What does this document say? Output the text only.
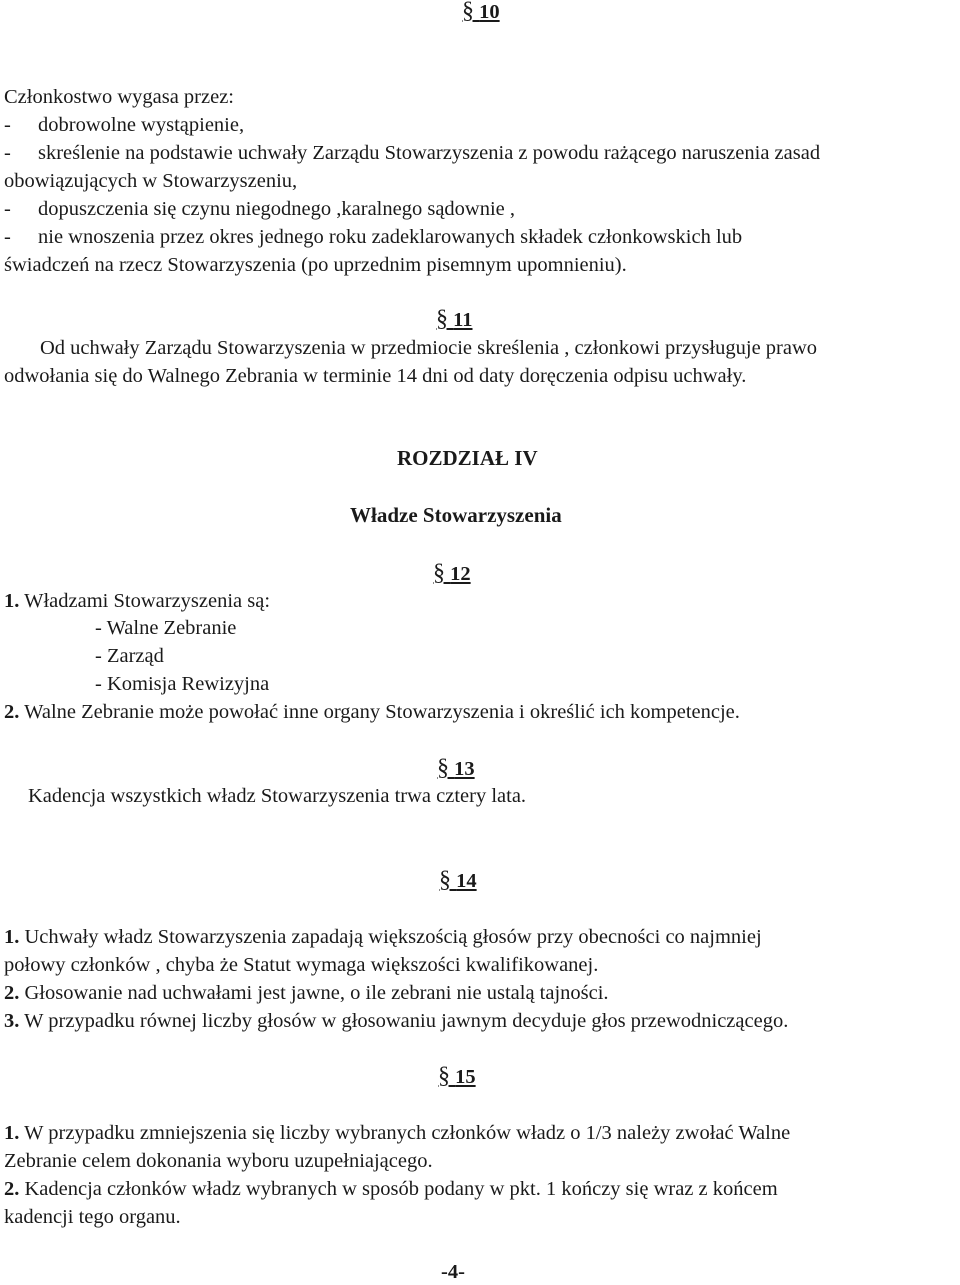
§ 10
Członkostwo wygasa przez:
- dobrowolne wystąpienie,
- skreślenie na podstawie uchwały Zarządu Stowarzyszenia z powodu rażącego naruszenia zasad
obowiązujących w Stowarzyszeniu,
- dopuszczenia się czynu niegodnego ,karalnego sądownie ,
- nie wnoszenia przez okres jednego roku zadeklarowanych składek członkowskich lub
świadczeń na rzecz Stowarzyszenia (po uprzednim pisemnym upomnieniu).
§ 11
Od uchwały Zarządu Stowarzyszenia w przedmiocie skreślenia , członkowi przysługuje prawo
odwołania się do Walnego Zebrania w terminie 14 dni od daty doręczenia odpisu uchwały.
ROZDZIAŁ IV
Władze Stowarzyszenia
§ 12
1. Władzami Stowarzyszenia są:
- Walne Zebranie
- Zarząd
- Komisja Rewizyjna
2. Walne Zebranie może powołać inne organy Stowarzyszenia i określić ich kompetencje.
§ 13
Kadencja wszystkich władz Stowarzyszenia trwa cztery lata.
§ 14
1. Uchwały władz Stowarzyszenia zapadają większością głosów przy obecności co najmniej
połowy członków , chyba że Statut wymaga większości kwalifikowanej.
2. Głosowanie nad uchwałami jest jawne, o ile zebrani nie ustalą tajności.
3. W przypadku równej liczby głosów w głosowaniu jawnym decyduje głos przewodniczącego.
§ 15
1. W przypadku zmniejszenia się liczby wybranych członków władz o 1/3 należy zwołać Walne
Zebranie celem dokonania wyboru uzupełniającego.
2. Kadencja członków władz wybranych w sposób podany w pkt. 1 kończy się wraz z końcem
kadencji tego organu.
-4-
